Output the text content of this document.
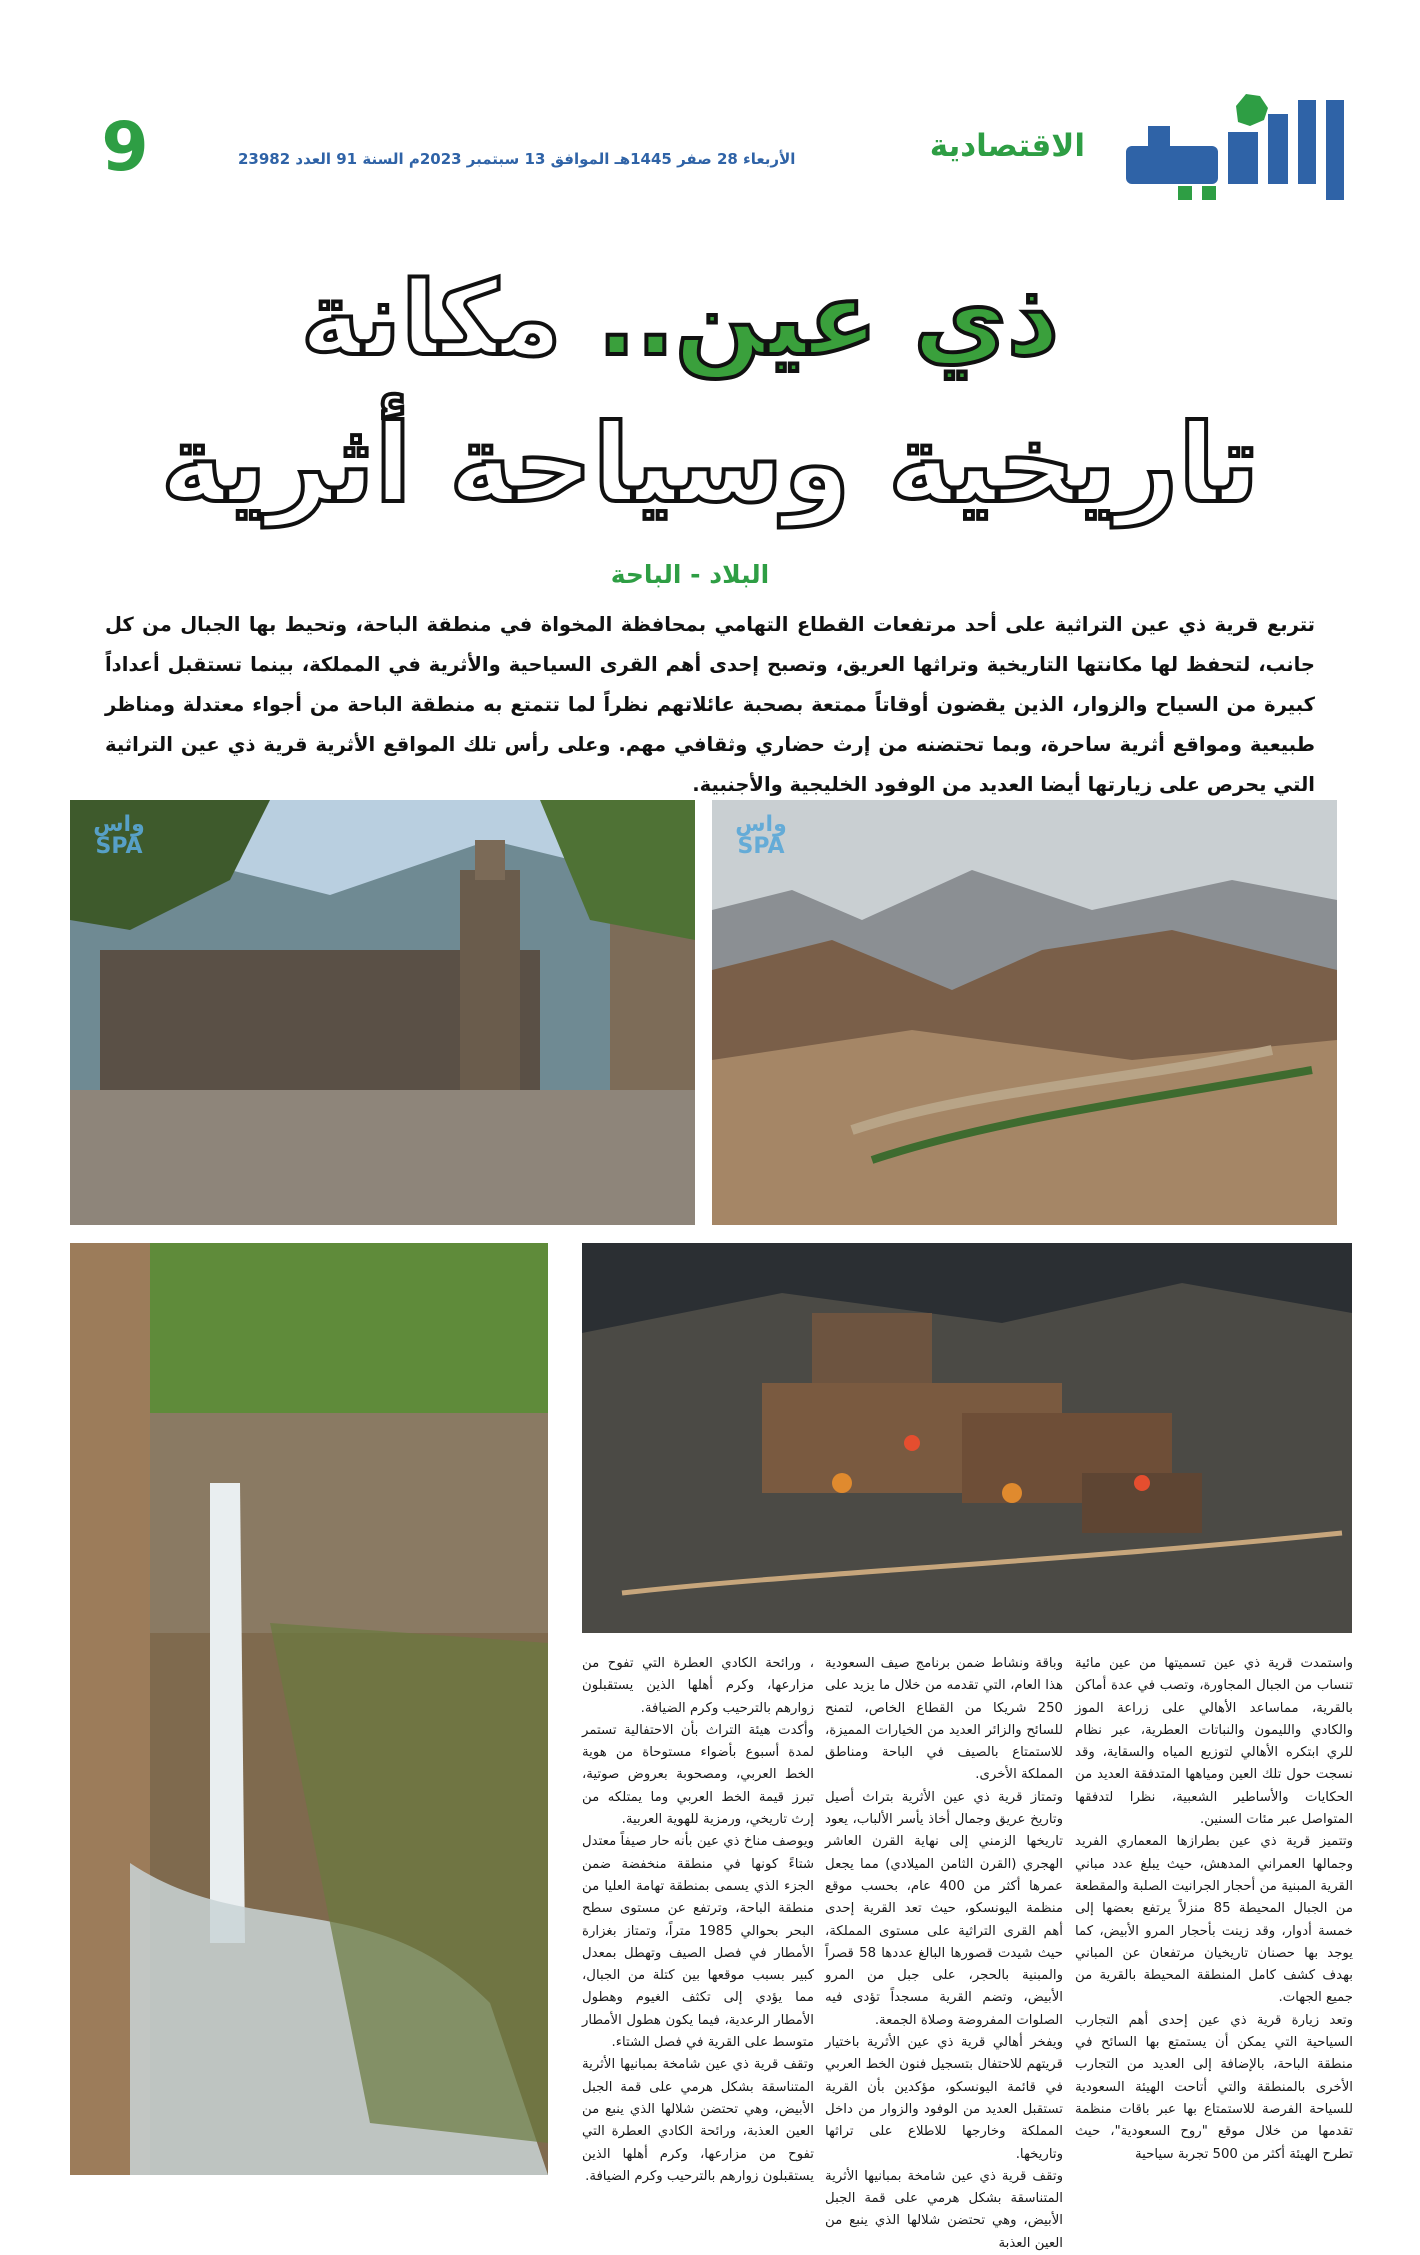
الاقتصادية
الأربعاء 28 صفر 1445هـ الموافق 13 سبتمبر 2023م السنة 91 العدد 23982
9
ذي عين.. مكانة
تاريخية وسياحة أثرية
البلاد - الباحة
تتربع قرية ذي عين التراثية على أحد مرتفعات القطاع التهامي بمحافظة المخواة في منطقة الباحة، وتحيط بها الجبال من كل جانب، لتحفظ لها مكانتها التاريخية وتراثها العريق، وتصبح إحدى أهم القرى السياحية والأثرية في المملكة، بينما تستقبل أعداداً كبيرة من السياح والزوار، الذين يقضون أوقاتاً ممتعة بصحبة عائلاتهم نظراً لما تتمتع به منطقة الباحة من أجواء معتدلة ومناظر طبيعية ومواقع أثرية ساحرة، وبما تحتضنه من إرث حضاري وثقافي مهم. وعلى رأس تلك المواقع الأثرية قرية ذي عين التراثية التي يحرص على زيارتها أيضا العديد من الوفود الخليجية والأجنبية.
واس
SPA
واس
SPA

واستمدت قرية ذي عين تسميتها من عين مائية تنساب من الجبال المجاورة، وتصب في عدة أماكن بالقرية، مماساعد الأهالي على زراعة الموز والكادي والليمون والنباتات العطرية، عبر نظام للري ابتكره الأهالي لتوزيع المياه والسقاية، وقد نسجت حول تلك العين ومياهها المتدفقة العديد من الحكايات والأساطير الشعبية، نظرا لتدفقها المتواصل عبر مئات السنين.

وتتميز قرية ذي عين بطرازها المعماري الفريد وجمالها العمراني المدهش، حيث يبلغ عدد مباني القرية المبنية من أحجار الجرانيت الصلبة والمقطعة من الجبال المحيطة 85 منزلاً يرتفع بعضها إلى خمسة أدوار، وقد زينت بأحجار المرو الأبيض، كما يوجد بها حصنان تاريخيان مرتفعان عن المباني بهدف كشف كامل المنطقة المحيطة بالقرية من جميع الجهات.

وتعد زيارة قرية ذي عين إحدى أهم التجارب السياحية التي يمكن أن يستمتع بها السائح في منطقة الباحة، بالإضافة إلى العديد من التجارب الأخرى بالمنطقة والتي أتاحت الهيئة السعودية للسياحة الفرصة للاستمتاع بها عبر باقات منظمة تقدمها من خلال موقع "روح السعودية"، حيث تطرح الهيئة أكثر من 500 تجربة سياحية

وباقة ونشاط ضمن برنامج صيف السعودية هذا العام، التي تقدمه من خلال ما يزيد على 250 شريكا من القطاع الخاص، لتمنح للسائح والزائر العديد من الخيارات المميزة، للاستمتاع بالصيف في الباحة ومناطق المملكة الأخرى.

وتمتاز قرية ذي عين الأثرية بتراث أصيل وتاريخ عريق وجمال أخاذ يأسر الألباب، يعود تاريخها الزمني إلى نهاية القرن العاشر الهجري (القرن الثامن الميلادي) مما يجعل عمرها أكثر من 400 عام، بحسب موقع منظمة اليونسكو، حيث تعد القرية إحدى أهم القرى التراثية على مستوى المملكة، حيث شيدت قصورها البالغ عددها 58 قصراً والمبنية بالحجر، على جبل من المرو الأبيض، وتضم القرية مسجداً تؤدى فيه الصلوات المفروضة وصلاة الجمعة.

ويفخر أهالي قرية ذي عين الأثرية باختيار قريتهم للاحتفال بتسجيل فنون الخط العربي في قائمة اليونسكو، مؤكدين بأن القرية تستقبل العديد من الوفود والزوار من داخل المملكة وخارجها للاطلاع على تراثها وتاريخها.

وتقف قرية ذي عين شامخة بمبانيها الأثرية المتناسقة بشكل هرمي على قمة الجبل الأبيض، وهي تحتضن شلالها الذي ينبع من العين العذبة

، ورائحة الكادي العطرة التي تفوح من مزارعها، وكرم أهلها الذين يستقبلون زوارهم بالترحيب وكرم الضيافة.

وأكدت هيئة التراث بأن الاحتفالية تستمر لمدة أسبوع بأضواء مستوحاة من هوية الخط العربي، ومصحوبة بعروض صوتية، تبرز قيمة الخط العربي وما يمتلكه من إرث تاريخي، ورمزية للهوية العربية.

ويوصف مناخ ذي عين بأنه حار صيفاً معتدل شتاءً كونها في منطقة منخفضة ضمن الجزء الذي يسمى بمنطقة تهامة العليا من منطقة الباحة، وترتفع عن مستوى سطح البحر بحوالي 1985 متراً، وتمتاز بغزارة الأمطار في فصل الصيف وتهطل بمعدل كبير بسبب موقعها بين كتلة من الجبال، مما يؤدي إلى تكثف الغيوم وهطول الأمطار الرعدية، فيما يكون هطول الأمطار متوسط على القرية في فصل الشتاء.

وتقف قرية ذي عين شامخة بمبانيها الأثرية المتناسقة بشكل هرمي على قمة الجبل الأبيض، وهي تحتضن شلالها الذي ينبع من العين العذبة، ورائحة الكادي العطرة التي تفوح من مزارعها، وكرم أهلها الذين يستقبلون زوارهم بالترحيب وكرم الضيافة.
